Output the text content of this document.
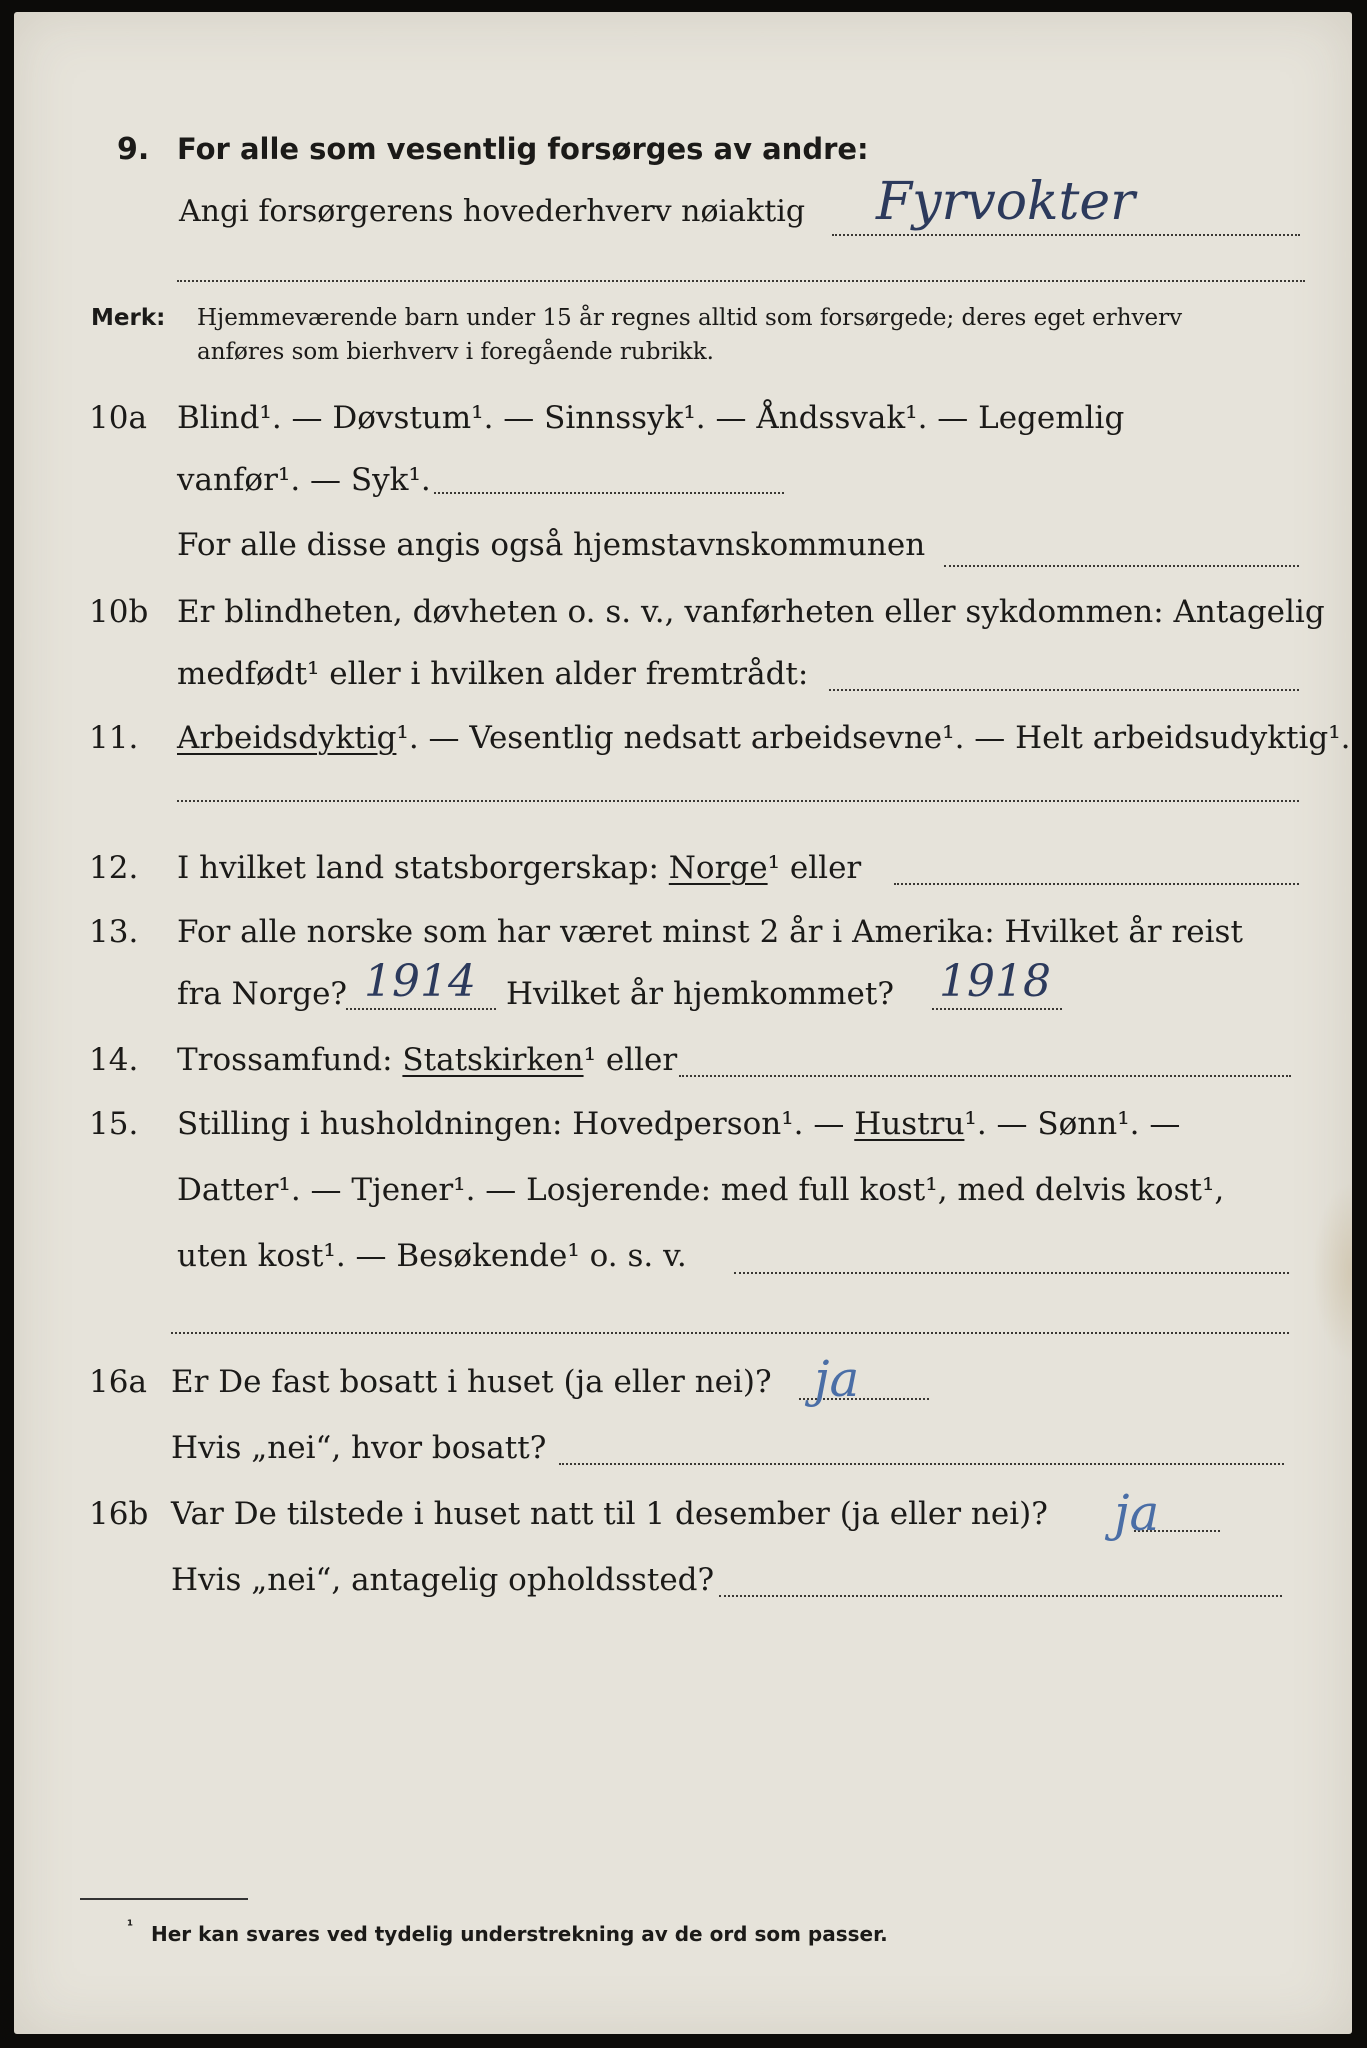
9. For alle som vesentlig forsørges av andre:
Angi forsørgerens hovederhverv nøiaktig Fyrvokter
Merk: Hjemmeværende barn under 15 år regnes alltid som forsørgede; deres eget erhverv
anføres som bierhverv i foregående rubrikk.
10a Blind¹. — Døvstum¹. — Sinnssyk¹. — Åndssvak¹. — Legemlig
vanfør¹. — Syk¹.
For alle disse angis også hjemstavnskommunen
10b Er blindheten, døvheten o. s. v., vanførheten eller sykdommen: Antagelig
medfødt¹ eller i hvilken alder fremtrådt:
11. Arbeidsdyktig¹. — Vesentlig nedsatt arbeidsevne¹. — Helt arbeidsudyktig¹.
12. I hvilket land statsborgerskap: Norge¹ eller
13. For alle norske som har været minst 2 år i Amerika: Hvilket år reist
fra Norge? 1914 Hvilket år hjemkommet? 1918
14. Trossamfund: Statskirken¹ eller
15. Stilling i husholdningen: Hovedperson¹. — Hustru¹. — Sønn¹. —
Datter¹. — Tjener¹. — Losjerende: med full kost¹, med delvis kost¹,
uten kost¹. — Besøkende¹ o. s. v.
16a Er De fast bosatt i huset (ja eller nei)? ja
Hvis „nei“, hvor bosatt?
16b Var De tilstede i huset natt til 1 desember (ja eller nei)? ja
Hvis „nei“, antagelig opholdssted?
¹ Her kan svares ved tydelig understrekning av de ord som passer.
